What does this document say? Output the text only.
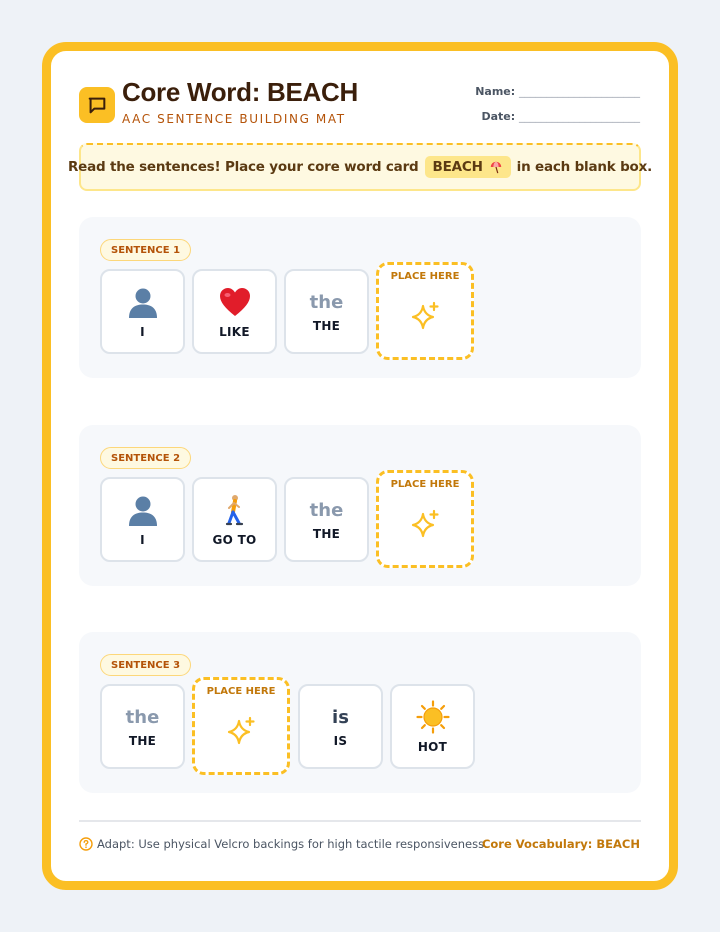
Core Word: BEACH
AAC SENTENCE BUILDING MAT
Name: ______________________
Date: ______________________
Read the sentences! Place your core word card BEACH	in each blank box.
SENTENCE 1
I	LIKE
the
THE
PLACE HERE
SENTENCE 2
I	GO TO
the
THE
PLACE HERE
SENTENCE 3
the
THE
PLACE HERE
is
IS	HOT
Adapt: Use physical Velcro backings for high tactile responsiveness.
Core Vocabulary: BEACH
